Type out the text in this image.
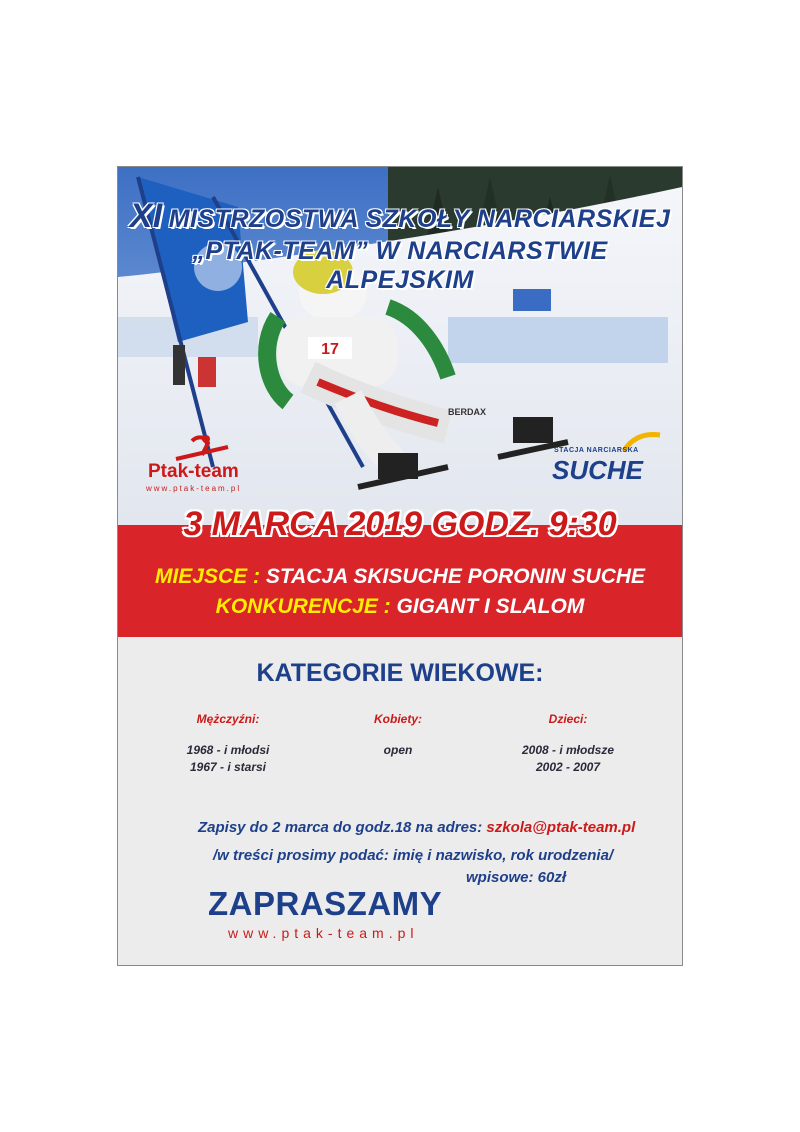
17
BERDAX
XI MISTRZOSTWA SZKOŁY NARCIARSKIEJ
„PTAK-TEAM” W NARCIARSTWIE ALPEJSKIM
Ptak-team
www.ptak-team.pl
STACJA NARCIARSKA
SUCHE
3 MARCA 2019 GODZ. 9:30
MIEJSCE : STACJA SKISUCHE PORONIN SUCHE
KONKURENCJE : GIGANT I SLALOM
KATEGORIE WIEKOWE:
Mężczyźni:
1968 - i młodsi
1967 - i starsi
Kobiety:
open
Dzieci:
2008 - i młodsze
2002 - 2007
Zapisy do 2 marca do godz.18 na adres: szkola@ptak-team.pl
/w treści prosimy podać: imię i nazwisko, rok urodzenia/
wpisowe: 60zł
ZAPRASZAMY
www.ptak-team.pl
